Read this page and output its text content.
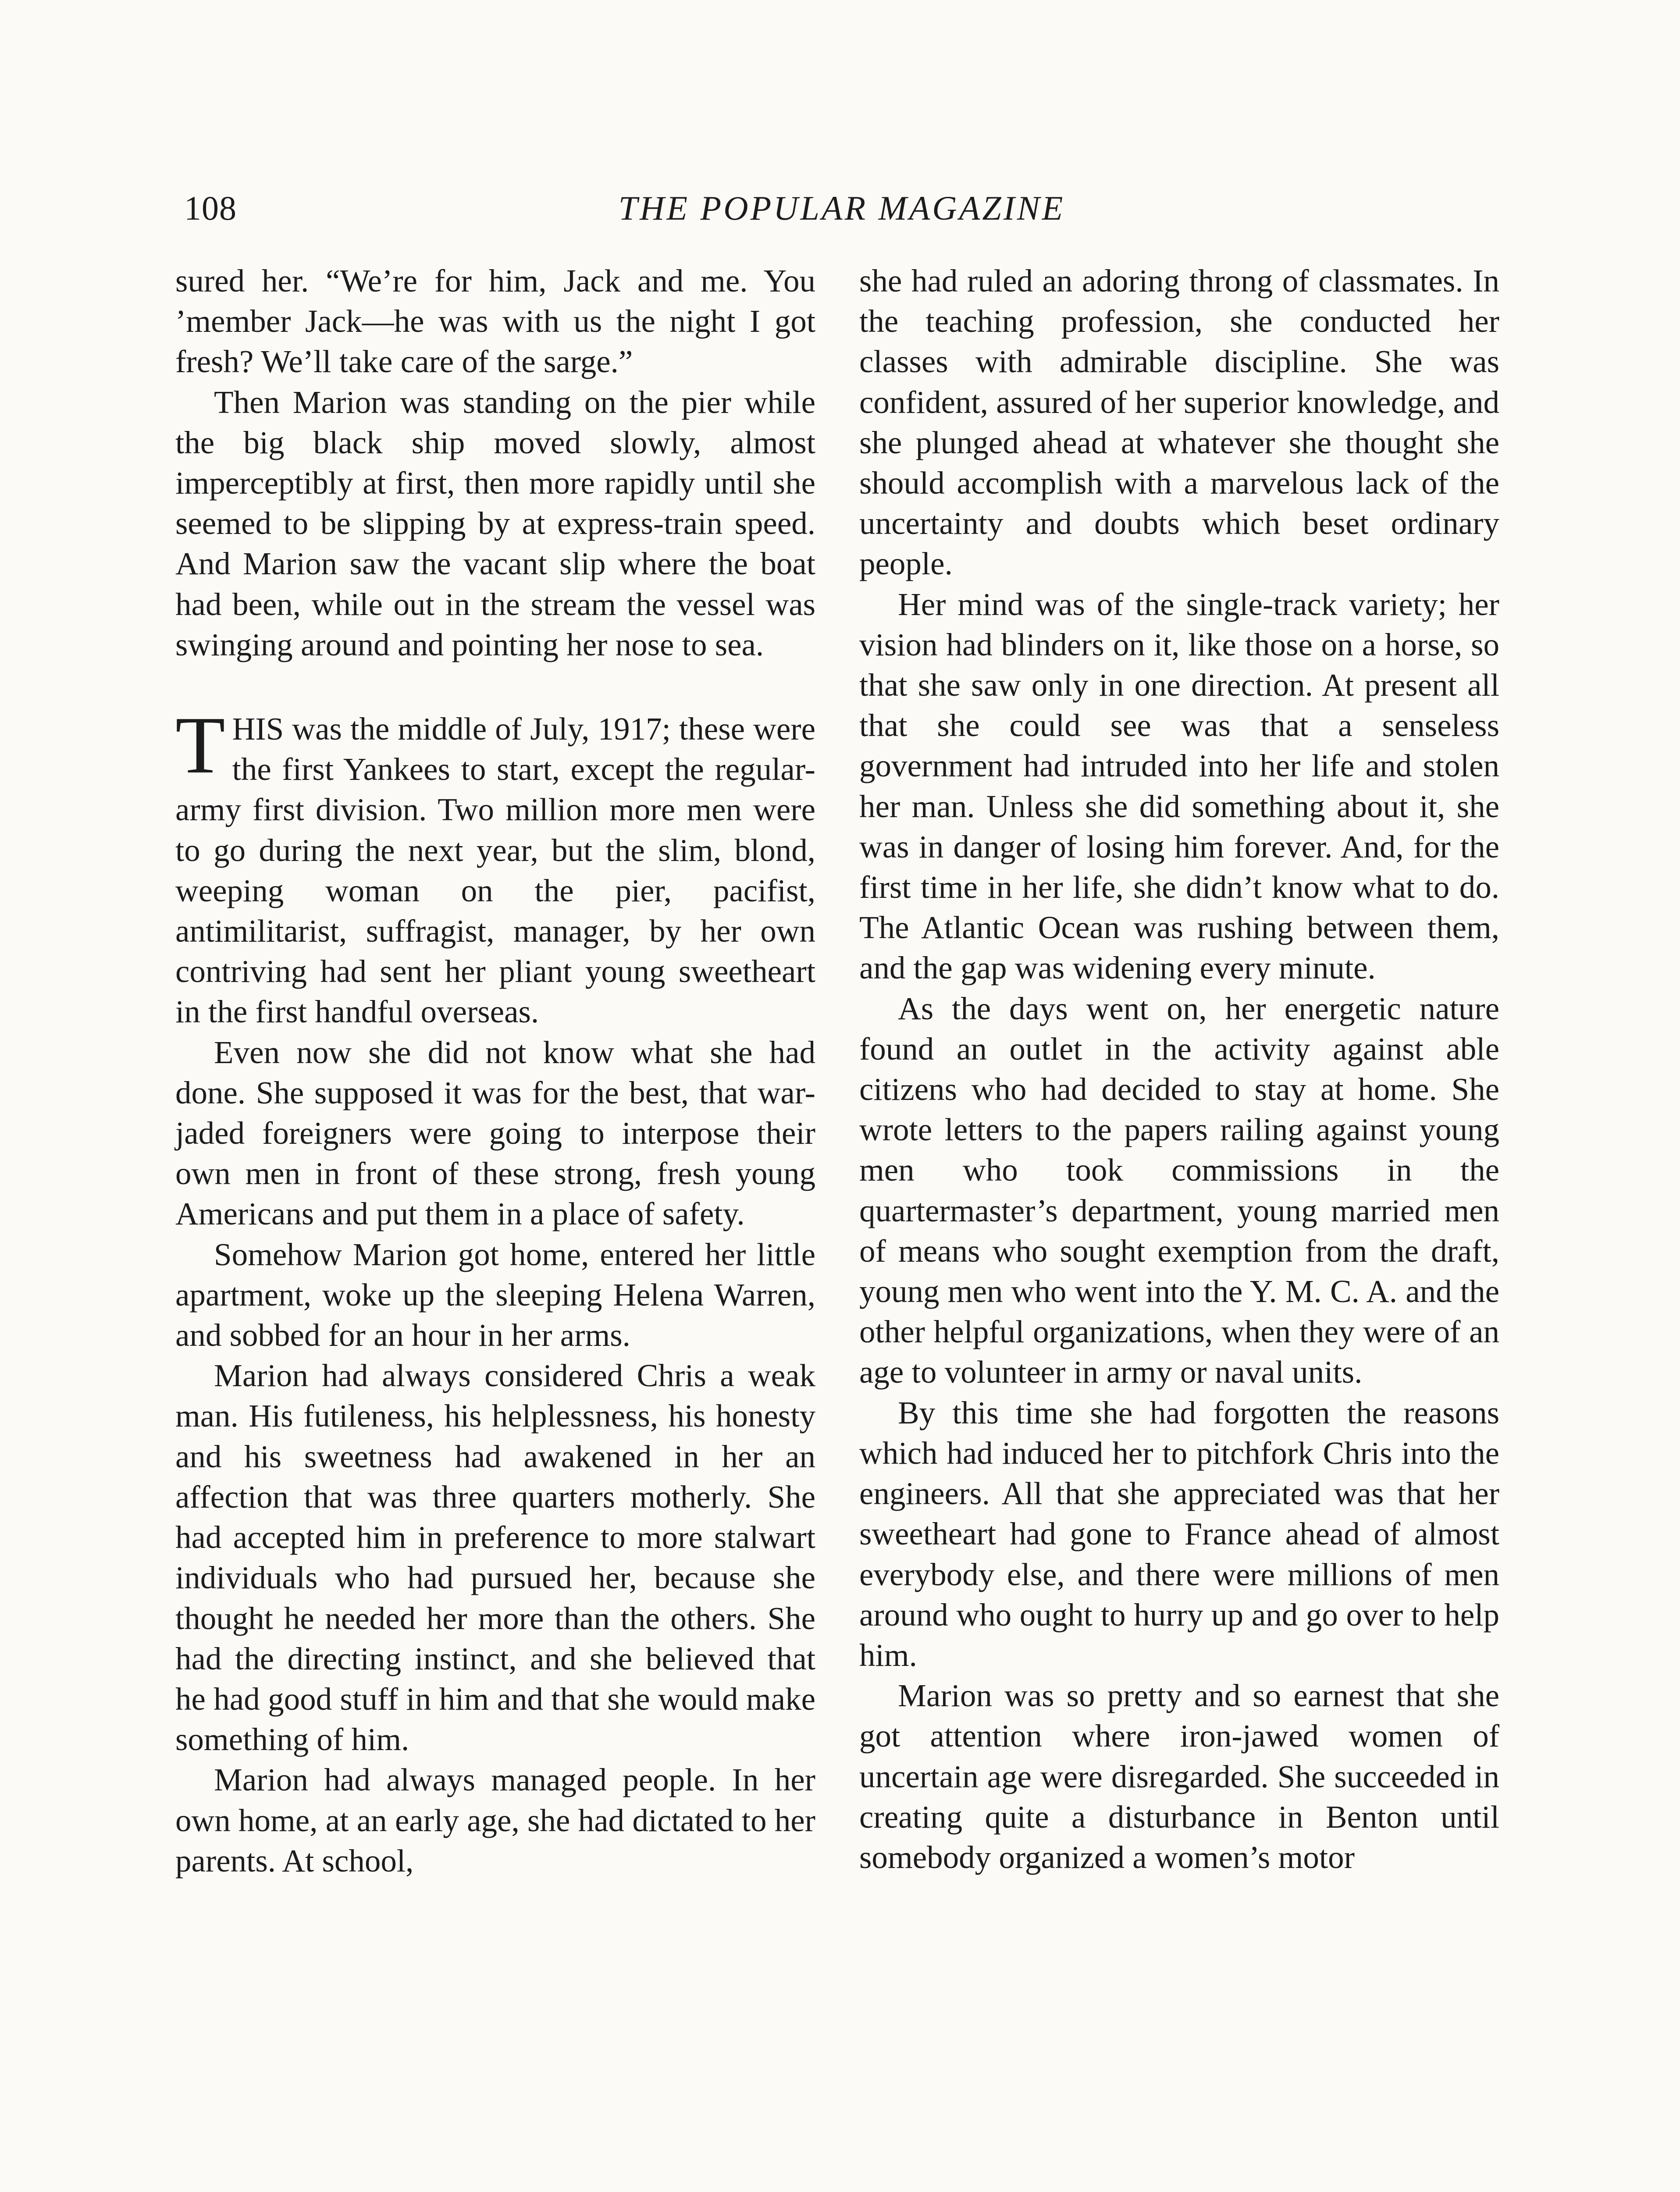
108	THE POPULAR MAGAZINE

sured her. “We’re for him, Jack and me. You ’member Jack—he was with us the night I got fresh? We’ll take care of the sarge.”

Then Marion was standing on the pier while the big black ship moved slowly, almost imperceptibly at first, then more rapidly until she seemed to be slipping by at express-train speed. And Marion saw the vacant slip where the boat had been, while out in the stream the vessel was swinging around and pointing her nose to sea.

THIS was the middle of July, 1917; these were the first Yankees to start, except the regular-army first division. Two million more men were to go during the next year, but the slim, blond, weeping woman on the pier, pacifist, antimilitarist, suffragist, manager, by her own contriving had sent her pliant young sweetheart in the first handful overseas.

Even now she did not know what she had done. She supposed it was for the best, that war-jaded foreigners were going to interpose their own men in front of these strong, fresh young Americans and put them in a place of safety.

Somehow Marion got home, entered her little apartment, woke up the sleeping Helena Warren, and sobbed for an hour in her arms.

Marion had always considered Chris a weak man. His futileness, his helplessness, his honesty and his sweetness had awakened in her an affection that was three quarters motherly. She had accepted him in preference to more stalwart individuals who had pursued her, because she thought he needed her more than the others. She had the directing instinct, and she believed that he had good stuff in him and that she would make something of him.

Marion had always managed people. In her own home, at an early age, she had dictated to her parents. At school,

she had ruled an adoring throng of classmates. In the teaching profession, she conducted her classes with admirable discipline. She was confident, assured of her superior knowledge, and she plunged ahead at whatever she thought she should accomplish with a marvelous lack of the uncertainty and doubts which beset ordinary people.

Her mind was of the single-track variety; her vision had blinders on it, like those on a horse, so that she saw only in one direction. At present all that she could see was that a senseless government had intruded into her life and stolen her man. Unless she did something about it, she was in danger of losing him forever. And, for the first time in her life, she didn’t know what to do. The Atlantic Ocean was rushing between them, and the gap was widening every minute.

As the days went on, her energetic nature found an outlet in the activity against able citizens who had decided to stay at home. She wrote letters to the papers railing against young men who took commissions in the quartermaster’s department, young married men of means who sought exemption from the draft, young men who went into the Y. M. C. A. and the other helpful organizations, when they were of an age to volunteer in army or naval units.

By this time she had forgotten the reasons which had induced her to pitchfork Chris into the engineers. All that she appreciated was that her sweetheart had gone to France ahead of almost everybody else, and there were millions of men around who ought to hurry up and go over to help him.

Marion was so pretty and so earnest that she got attention where iron-jawed women of uncertain age were disregarded. She succeeded in creating quite a disturbance in Benton until somebody organized a women’s motor
